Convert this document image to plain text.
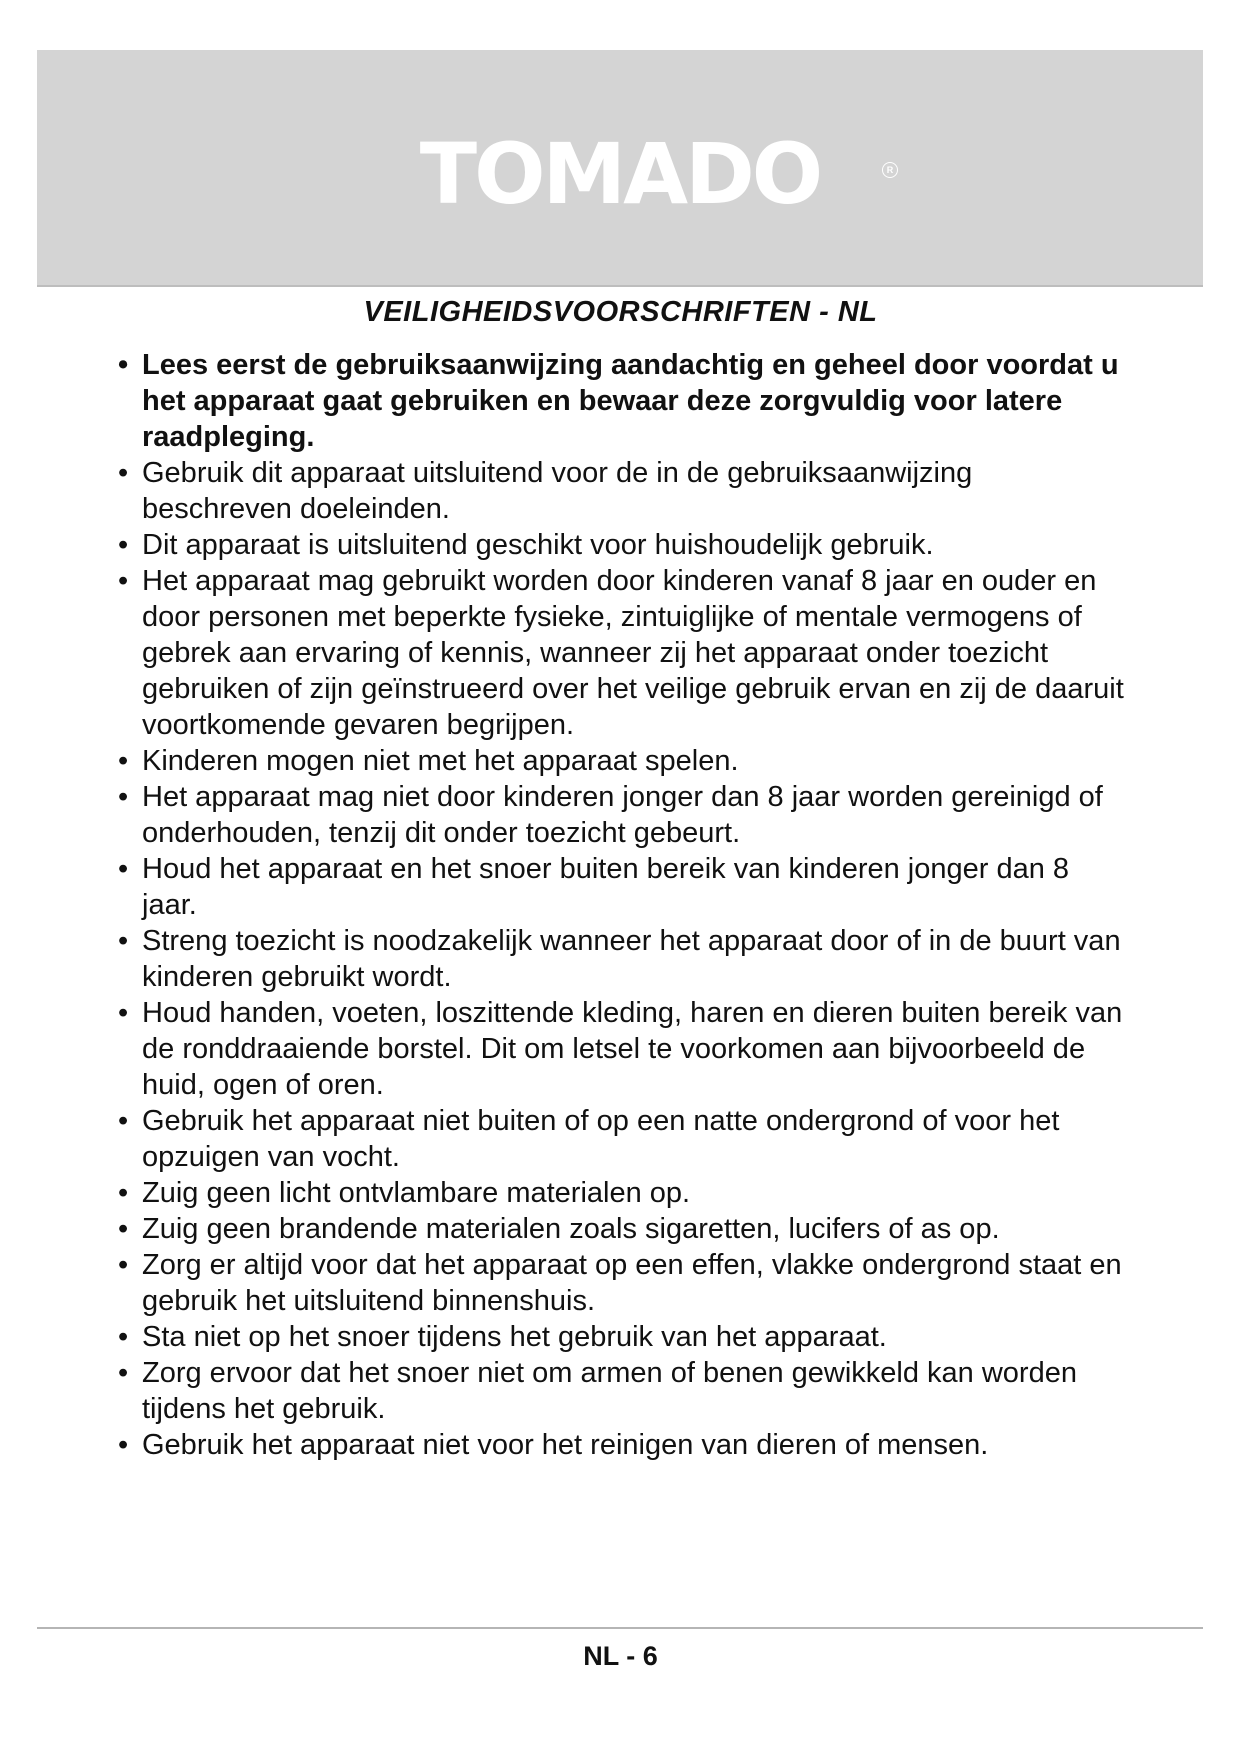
TOMADO	R
VEILIGHEIDSVOORSCHRIFTEN - NL
• Lees eerst de gebruiksaanwijzing aandachtig en geheel door voordat u het apparaat gaat gebruiken en bewaar deze zorgvuldig voor latere raadpleging.
• Gebruik dit apparaat uitsluitend voor de in de gebruiksaanwijzing beschreven doeleinden.
• Dit apparaat is uitsluitend geschikt voor huishoudelijk gebruik.
• Het apparaat mag gebruikt worden door kinderen vanaf 8 jaar en ouder en door personen met beperkte fysieke, zintuiglijke of mentale vermogens of gebrek aan ervaring of kennis, wanneer zij het apparaat onder toezicht gebruiken of zijn geïnstrueerd over het veilige gebruik ervan en zij de daaruit voortkomende gevaren begrijpen.
• Kinderen mogen niet met het apparaat spelen.
• Het apparaat mag niet door kinderen jonger dan 8 jaar worden gereinigd of onderhouden, tenzij dit onder toezicht gebeurt.
• Houd het apparaat en het snoer buiten bereik van kinderen jonger dan 8 jaar.
• Streng toezicht is noodzakelijk wanneer het apparaat door of in de buurt van kinderen gebruikt wordt.
• Houd handen, voeten, loszittende kleding, haren en dieren buiten bereik van de ronddraaiende borstel. Dit om letsel te voorkomen aan bijvoorbeeld de huid, ogen of oren.
• Gebruik het apparaat niet buiten of op een natte ondergrond of voor het opzuigen van vocht.
• Zuig geen licht ontvlambare materialen op.
• Zuig geen brandende materialen zoals sigaretten, lucifers of as op.
• Zorg er altijd voor dat het apparaat op een effen, vlakke ondergrond staat en gebruik het uitsluitend binnenshuis.
• Sta niet op het snoer tijdens het gebruik van het apparaat.
• Zorg ervoor dat het snoer niet om armen of benen gewikkeld kan worden tijdens het gebruik.
• Gebruik het apparaat niet voor het reinigen van dieren of mensen.
NL - 6
